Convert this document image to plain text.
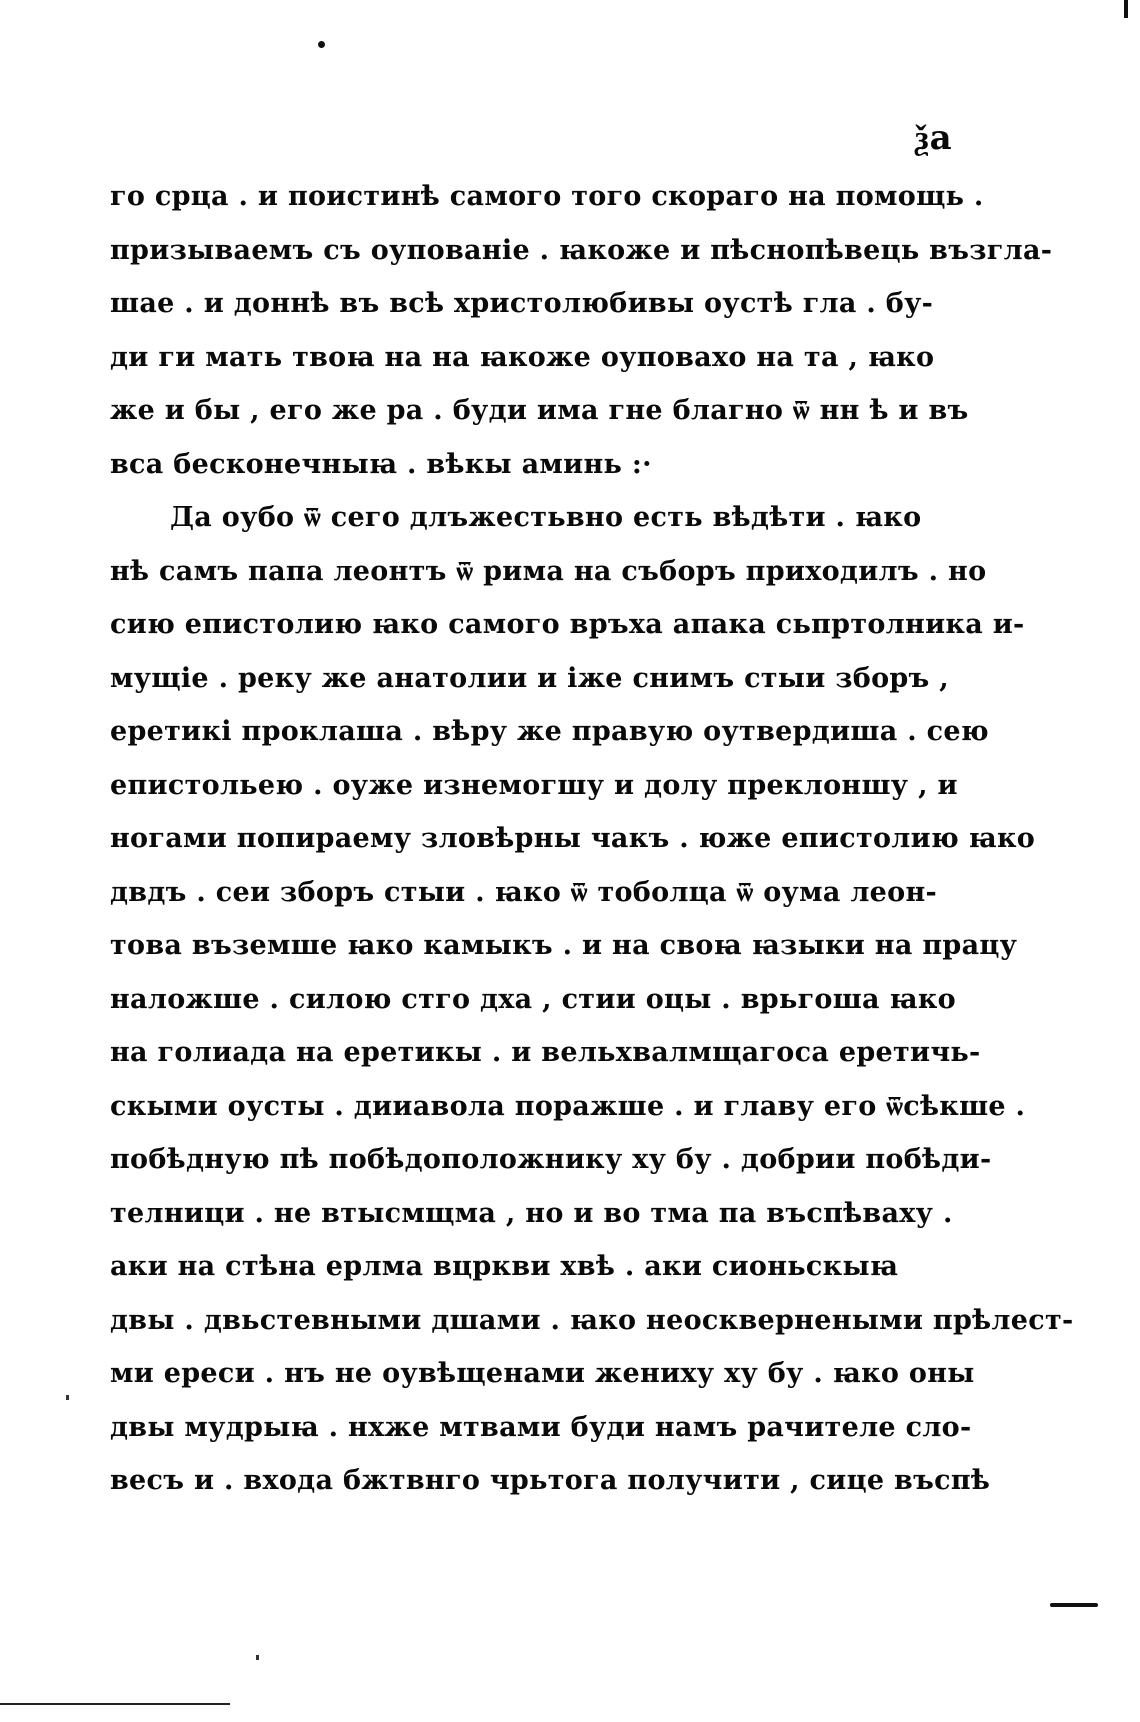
ѯа
го срца . и поистинѣ самого того скораго на помощь .
призываемъ съ оупованіе . ꙗкоже и пѣснопѣвець възгла-
шае . и доннѣ въ всѣ христолюбивы оустѣ гла . бу-
ди ги мать твоꙗ на на ꙗкоже оуповахо на та , ꙗко
же и бы , его же ра . буди има гне благно ѿ нн ѣ и въ
вса бесконечныꙗ . вѣкы аминь :·
Да оубо ѿ сего длъжестьвно есть вѣдѣти . ꙗко
нѣ самъ папа леонтъ ѿ рима на съборъ приходилъ . но
сию епистолию ꙗко самого връха апака сьпртолника и-
мущіе . реку же анатолии и іже снимъ стыи зборъ ,
еретикі проклаша . вѣру же правую оутвердиша . сею
епистольею . оуже изнемогшу и долу преклоншу , и
ногами попираему зловѣрны чакъ . юже епистолию ꙗко
двдъ . сеи зборъ стыи . ꙗко ѿ тоболца ѿ оума леон-
това въземше ꙗко камыкъ . и на своꙗ ꙗзыки на працу
наложше . силою стго дха , стии оцы . врьгоша ꙗко
на голиада на еретикы . и вельхвалмщагоса еретичь-
скыми оусты . дииавола поражше . и главу его ѿсѣкше .
побѣдную пѣ побѣдоположнику ху бу . добрии побѣди-
телници . не втысмщма , но и во тма па въспѣваху .
аки на стѣна ерлма вцркви хвѣ . аки сионьскыꙗ
двы . двьстевными дшами . ꙗко неосквернеными прѣлест-
ми ереси . нъ не оувѣщенами жениху ху бу . ꙗко оны
двы мудрыꙗ . нхже мтвами буди намъ рачителе сло-
весъ и . входа бжтвнго чрьтога получити , сице въспѣ
